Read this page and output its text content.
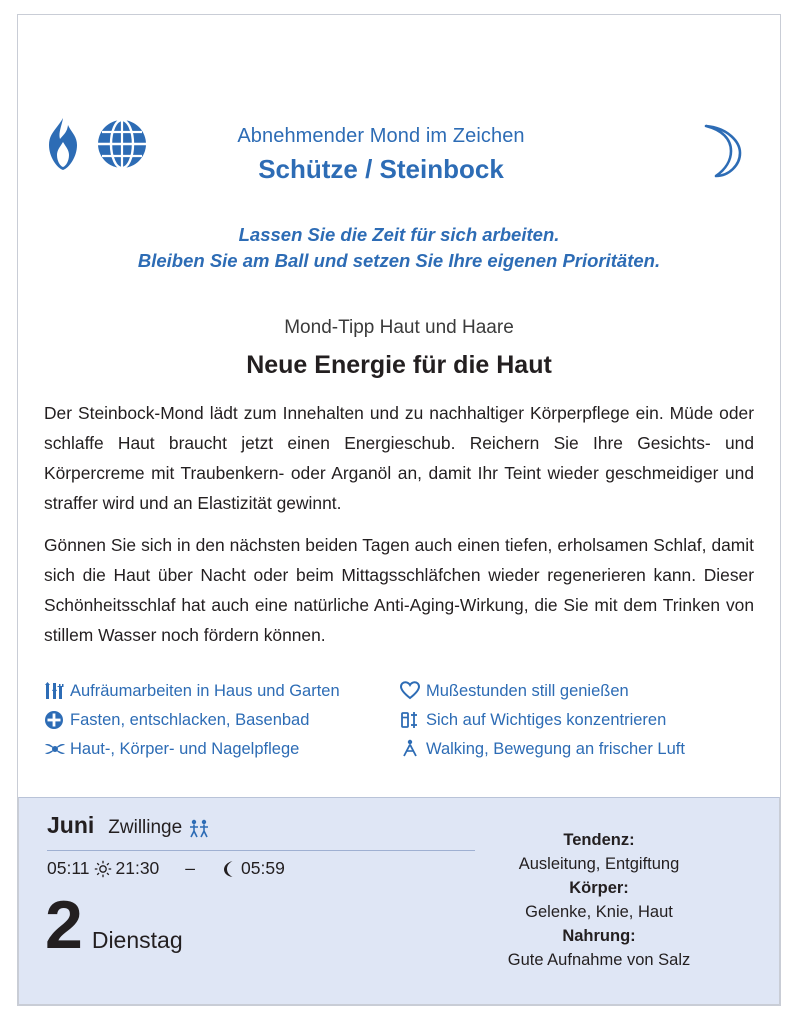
Abnehmender Mond im Zeichen
Schütze / Steinbock
Lassen Sie die Zeit für sich arbeiten.
Bleiben Sie am Ball und setzen Sie Ihre eigenen Prioritäten.
Mond-Tipp Haut und Haare
Neue Energie für die Haut
Der Steinbock-Mond lädt zum Innehalten und zu nachhaltiger Körperpflege ein. Müde oder schlaffe Haut braucht jetzt einen Energieschub. Reichern Sie Ihre Gesichts- und Körpercreme mit Traubenkern- oder Arganöl an, damit Ihr Teint wieder geschmeidiger und straffer wird und an Elastizität gewinnt.
Gönnen Sie sich in den nächsten beiden Tagen auch einen tiefen, erholsamen Schlaf, damit sich die Haut über Nacht oder beim Mittagsschläfchen wieder regenerieren kann. Dieser Schönheitsschlaf hat auch eine natürliche Anti-Aging-Wirkung, die Sie mit dem Trinken von stillem Wasser noch fördern können.
Aufräumarbeiten in Haus und Garten
Fasten, entschlacken, Basenbad
Haut-, Körper- und Nagelpflege
Mußestunden still genießen
Sich auf Wichtiges konzentrieren
Walking, Bewegung an frischer Luft
Juni Zwillinge
05:11 21:30 –	05:59
2 Dienstag
Tendenz:
Ausleitung, Entgiftung
Körper:
Gelenke, Knie, Haut
Nahrung:
Gute Aufnahme von Salz
